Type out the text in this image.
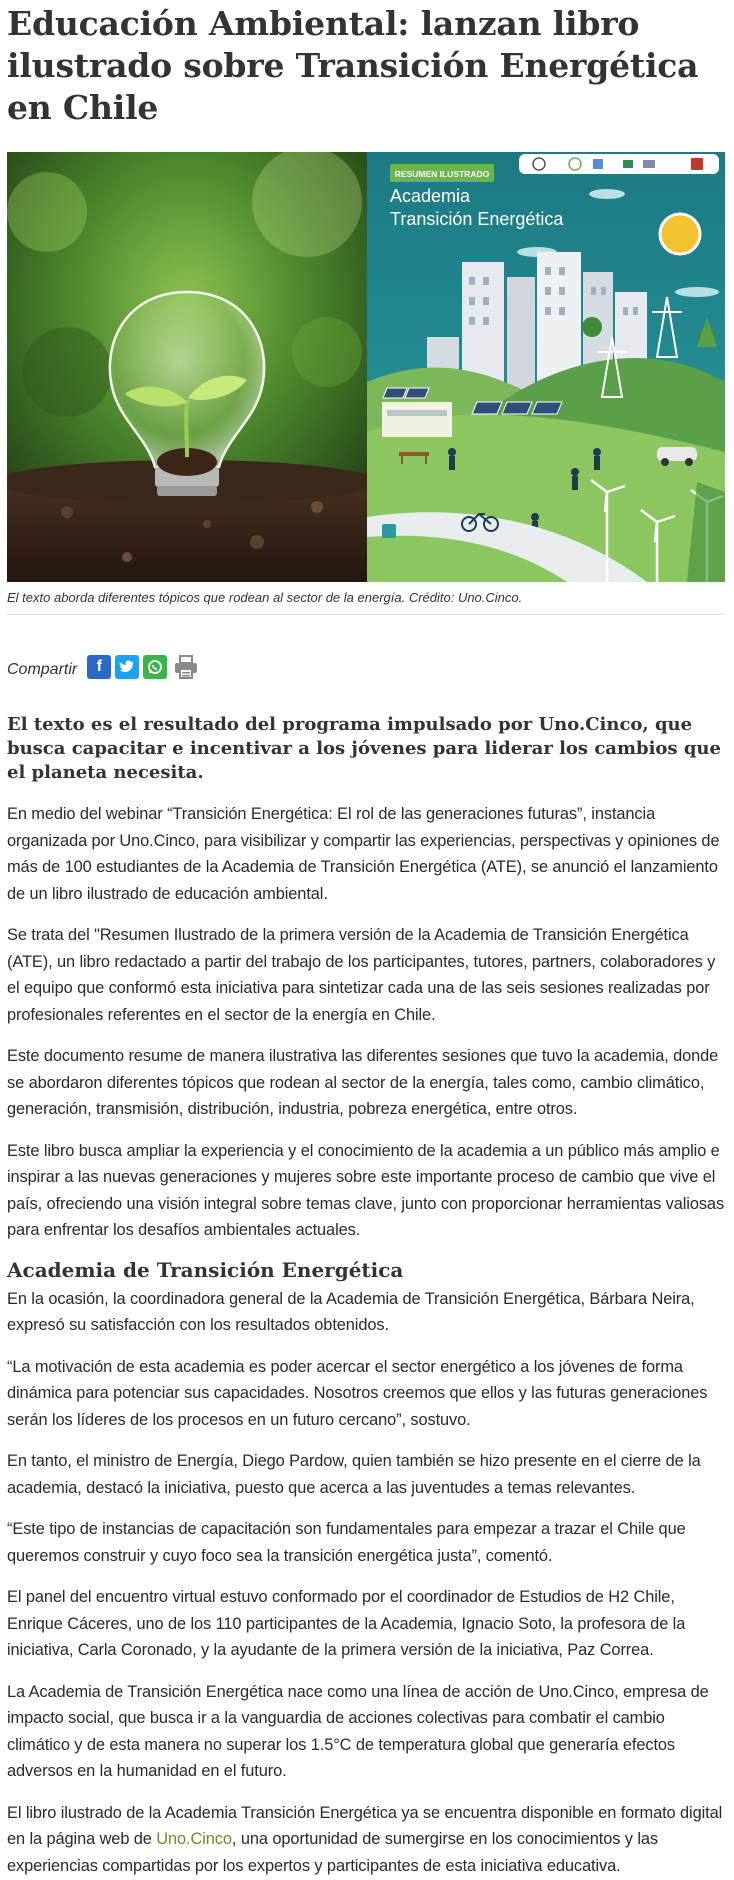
Educación Ambiental: lanzan libro ilustrado sobre Transición Energética en Chile
RESUMEN ILUSTRADO
Academia
Transición Energética
El texto aborda diferentes tópicos que rodean al sector de la energía. Crédito: Uno.Cinco.
Compartir	f
El texto es el resultado del programa impulsado por Uno.Cinco, que busca capacitar e incentivar a los jóvenes para liderar los cambios que el planeta necesita.

En medio del webinar “Transición Energética: El rol de las generaciones futuras”, instancia organizada por Uno.Cinco, para visibilizar y compartir las experiencias, perspectivas y opiniones de más de 100 estudiantes de la Academia de Transición Energética (ATE), se anunció el lanzamiento de un libro ilustrado de educación ambiental.

Se trata del "Resumen Ilustrado de la primera versión de la Academia de Transición Energética (ATE), un libro redactado a partir del trabajo de los participantes, tutores, partners, colaboradores y el equipo que conformó esta iniciativa para sintetizar cada una de las seis sesiones realizadas por profesionales referentes en el sector de la energía en Chile.

Este documento resume de manera ilustrativa las diferentes sesiones que tuvo la academia, donde se abordaron diferentes tópicos que rodean al sector de la energía, tales como, cambio climático, generación, transmisión, distribución, industria, pobreza energética, entre otros.

Este libro busca ampliar la experiencia y el conocimiento de la academia a un público más amplio e inspirar a las nuevas generaciones y mujeres sobre este importante proceso de cambio que vive el país, ofreciendo una visión integral sobre temas clave, junto con proporcionar herramientas valiosas para enfrentar los desafíos ambientales actuales.

Academia de Transición Energética

En la ocasión, la coordinadora general de la Academia de Transición Energética, Bárbara Neira, expresó su satisfacción con los resultados obtenidos.

“La motivación de esta academia es poder acercar el sector energético a los jóvenes de forma dinámica para potenciar sus capacidades. Nosotros creemos que ellos y las futuras generaciones serán los líderes de los procesos en un futuro cercano”, sostuvo.

En tanto, el ministro de Energía, Diego Pardow, quien también se hizo presente en el cierre de la academia, destacó la iniciativa, puesto que acerca a las juventudes a temas relevantes.

“Este tipo de instancias de capacitación son fundamentales para empezar a trazar el Chile que queremos construir y cuyo foco sea la transición energética justa”, comentó.

El panel del encuentro virtual estuvo conformado por el coordinador de Estudios de H2 Chile, Enrique Cáceres, uno de los 110 participantes de la Academia, Ignacio Soto, la profesora de la iniciativa, Carla Coronado, y la ayudante de la primera versión de la iniciativa, Paz Correa.

La Academia de Transición Energética nace como una línea de acción de Uno.Cinco, empresa de impacto social, que busca ir a la vanguardia de acciones colectivas para combatir el cambio climático y de esta manera no superar los 1.5°C de temperatura global que generaría efectos adversos en la humanidad en el futuro.

El libro ilustrado de la Academia Transición Energética ya se encuentra disponible en formato digital en la página web de Uno.Cinco, una oportunidad de sumergirse en los conocimientos y las experiencias compartidas por los expertos y participantes de esta iniciativa educativa.
